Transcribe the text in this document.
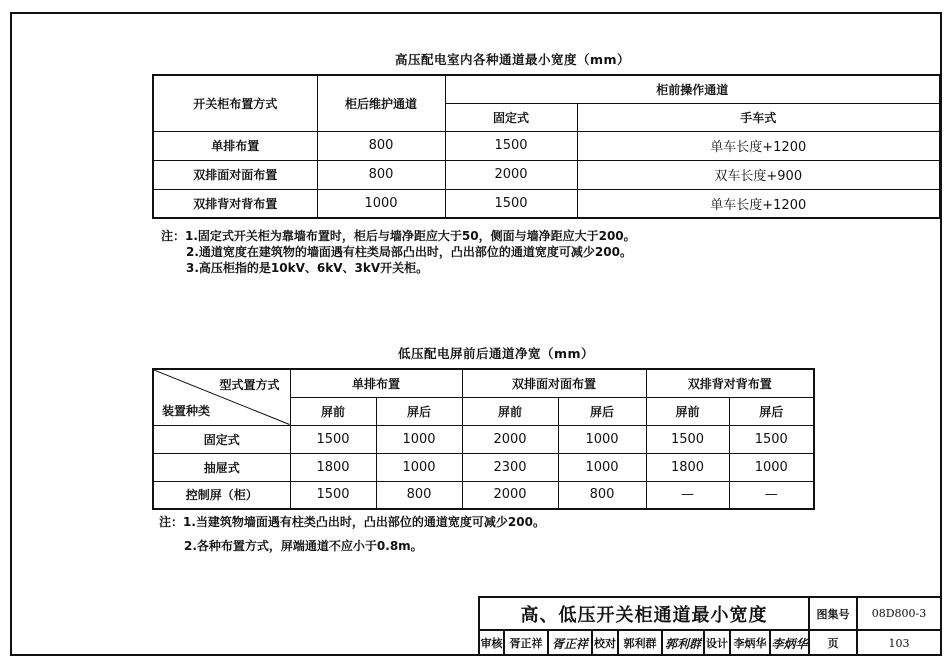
高压配电室内各种通道最小宽度（mm）
开关柜布置方式	柜后维护通道	柜前操作通道	
		固定式	手车式
单排布置	800	1500	单车长度+1200
双排面对面布置	800	2000	双车长度+900
双排背对背布置	1000	1500	单车长度+1200
注：1.固定式开关柜为靠墙布置时，柜后与墙净距应大于50，侧面与墙净距应大于200。
2.通道宽度在建筑物的墙面遇有柱类局部凸出时，凸出部位的通道宽度可减少200。
3.高压柜指的是10kV、6kV、3kV开关柜。
低压配电屏前后通道净宽（mm）
型式置方式
装置种类	单排布置		双排面对面布置		双排背对背布置	
	屏前	屏后	屏前	屏后	屏前	屏后
固定式	1500	1000	2000	1000	1500	1500
抽屉式	1800	1000	2300	1000	1800	1000
控制屏（柜）	1500	800	2000	800	—	—
注：1.当建筑物墙面遇有柱类凸出时，凸出部位的通道宽度可减少200。
2.各种布置方式，屏端通道不应小于0.8m。
高、低压开关柜通道最小宽度	图集号	08D800-3
审核 胥正祥 胥正祥 校对 郭利群 郭利群 设计 李炳华 李炳华	页	103
